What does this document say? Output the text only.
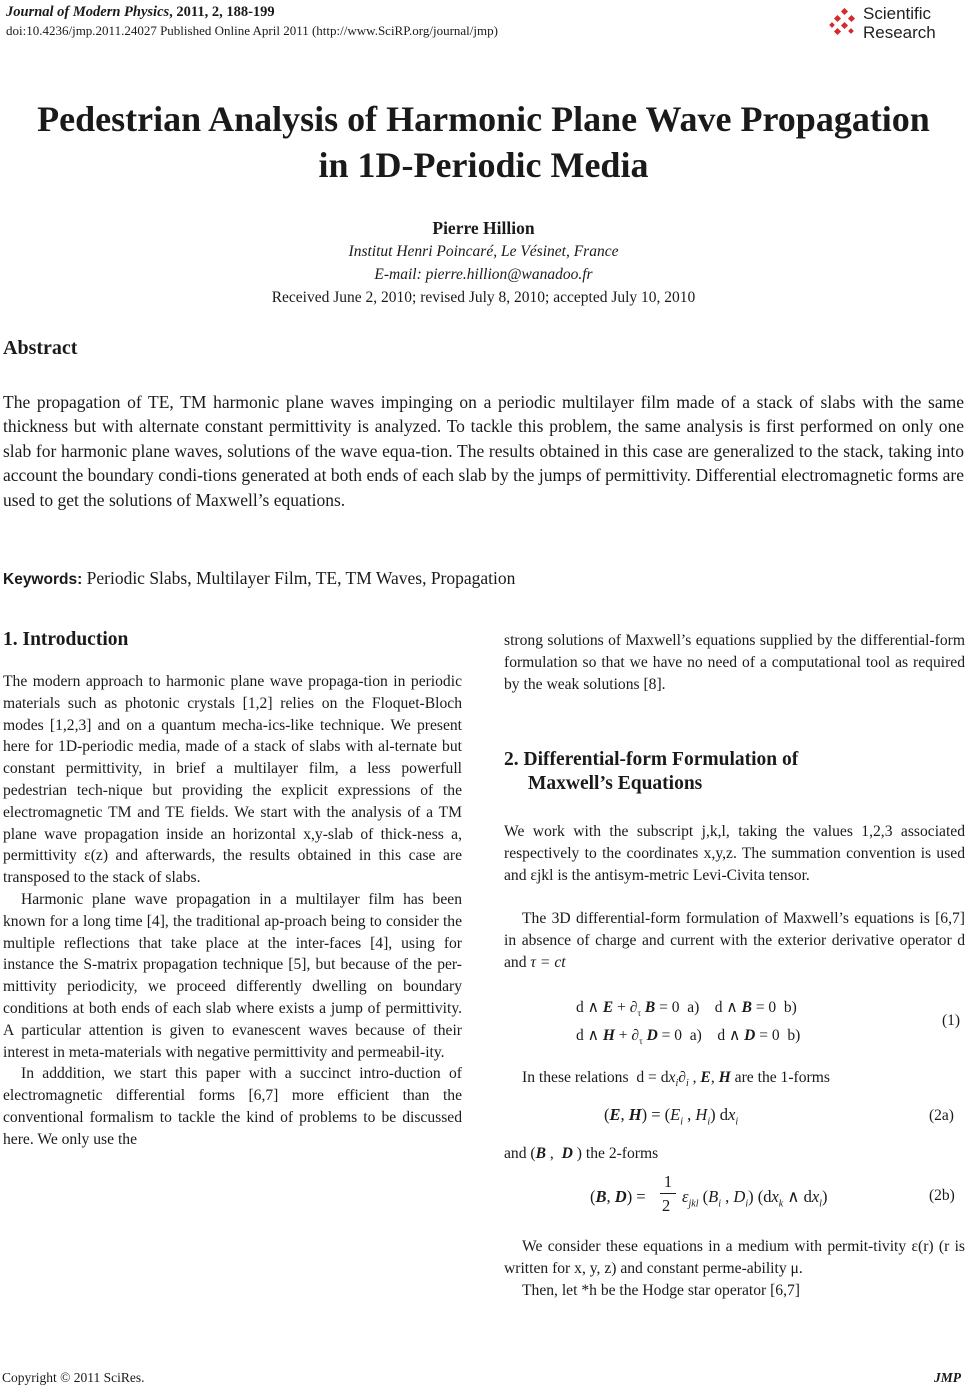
Journal of Modern Physics, 2011, 2, 188-199
doi:10.4236/jmp.2011.24027 Published Online April 2011 (http://www.SciRP.org/journal/jmp)
Scientific
Research
Pedestrian Analysis of Harmonic Plane Wave Propagation
in 1D-Periodic Media
Pierre Hillion
Institut Henri Poincaré, Le Vésinet, France
E-mail: pierre.hillion@wanadoo.fr
Received June 2, 2010; revised July 8, 2010; accepted July 10, 2010
Abstract
The propagation of TE, TM harmonic plane waves impinging on a periodic multilayer film made of a stack of slabs with the same thickness but with alternate constant permittivity is analyzed. To tackle this problem, the same analysis is first performed on only one slab for harmonic plane waves, solutions of the wave equa-tion. The results obtained in this case are generalized to the stack, taking into account the boundary condi-tions generated at both ends of each slab by the jumps of permittivity. Differential electromagnetic forms are used to get the solutions of Maxwell’s equations.
Keywords: Periodic Slabs, Multilayer Film, TE, TM Waves, Propagation
1. Introduction

The modern approach to harmonic plane wave propaga-tion in periodic materials such as photonic crystals [1,2] relies on the Floquet-Bloch modes [1,2,3] and on a quantum mecha-ics-like technique. We present here for 1D-periodic media, made of a stack of slabs with al-ternate but constant permittivity, in brief a multilayer film, a less powerfull pedestrian tech-nique but providing the explicit expressions of the electromagnetic TM and TE fields. We start with the analysis of a TM plane wave propagation inside an horizontal x,y-slab of thick-ness a, permittivity ε(z) and afterwards, the results obtained in this case are transposed to the stack of slabs.

Harmonic plane wave propagation in a multilayer film has been known for a long time [4], the traditional ap-proach being to consider the multiple reflections that take place at the inter-faces [4], using for instance the S-matrix propagation technique [5], but because of the per-mittivity periodicity, we proceed differently dwelling on boundary conditions at both ends of each slab where exists a jump of permittivity. A particular attention is given to evanescent waves because of their interest in meta-materials with negative permittivity and permeabil-ity.

In adddition, we start this paper with a succinct intro-duction of electromagnetic differential forms [6,7] more efficient than the conventional formalism to tackle the kind of problems to be discussed here. We only use the

strong solutions of Maxwell’s equations supplied by the differential-form formulation so that we have no need of a computational tool as required by the weak solutions [8].
2. Differential-form Formulation of
Maxwell’s Equations
We work with the subscript j,k,l, taking the values 1,2,3 associated respectively to the coordinates x,y,z. The summation convention is used and εjkl is the antisym-metric Levi-Civita tensor.
The 3D differential-form formulation of Maxwell’s equations is [6,7] in absence of charge and current with the exterior derivative operator d and τ = ct
d ∧ $E + \partial_\tau$ B = 0  a)    d ∧ B = 0  b)
d ∧ $H + \partial_\tau$ D = 0  a)    d ∧ D = 0  b)
(1)
In these relations  $d = dx_i\partial_i$ , E, H are the 1-forms
(E, $H) = (E_i$ , $H_i$) $dx_i$	(2a)
and (B ,  D ) the 2-forms
(B, D) =
1
2 $\varepsilon_{jkl}$ ($B_i$ , $D_i$) ($dx_k$ ∧ $dx_l$)	(2b)

We consider these equations in a medium with permit-tivity ε(r) (r is written for x, y, z) and constant perme-ability μ.

Then, let *h be the Hodge star operator [6,7]

Copyright © 2011 SciRes.	JMP
